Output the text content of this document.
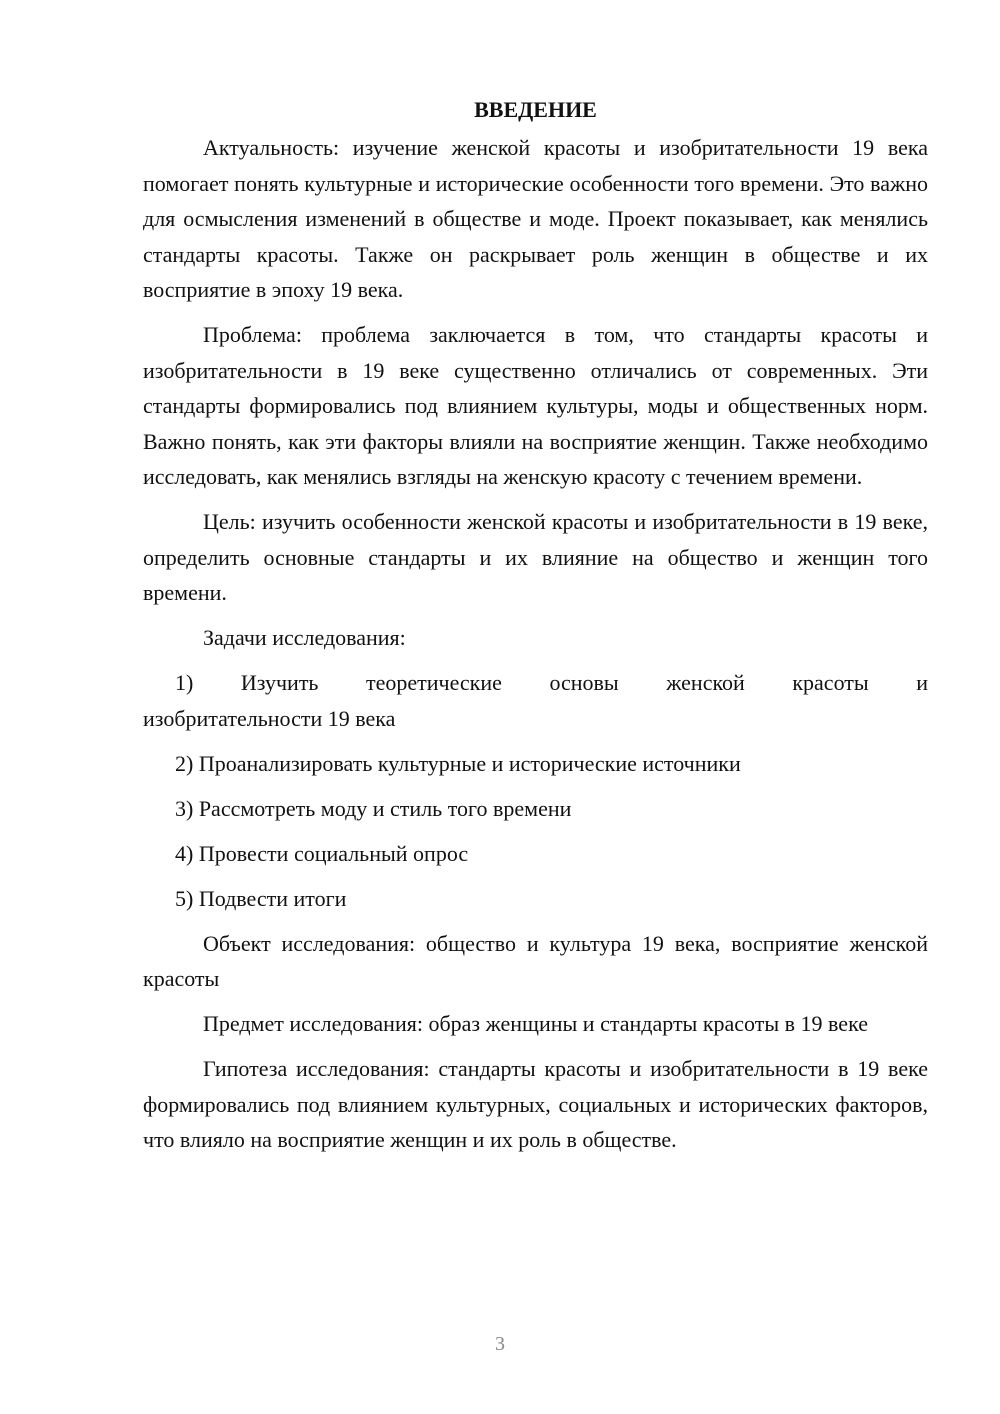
ВВЕДЕНИЕ

Актуальность: изучение женской красоты и изобритательности 19 века помогает понять культурные и исторические особенности того времени. Это важно для осмысления изменений в обществе и моде. Проект показывает, как менялись стандарты красоты. Также он раскрывает роль женщин в обществе и их восприятие в эпоху 19 века.

Проблема: проблема заключается в том, что стандарты красоты и изобритательности в 19 веке существенно отличались от современных. Эти стандарты формировались под влиянием культуры, моды и общественных норм. Важно понять, как эти факторы влияли на восприятие женщин. Также необходимо исследовать, как менялись взгляды на женскую красоту с течением времени.

Цель: изучить особенности женской красоты и изобритательности в 19 веке, определить основные стандарты и их влияние на общество и женщин того времени.

Задачи исследования:

1) Изучить теоретические основы женской красоты и

изобритательности 19 века

2) Проанализировать культурные и исторические источники

3) Рассмотреть моду и стиль того времени

4) Провести социальный опрос

5) Подвести итоги

Объект исследования: общество и культура 19 века, восприятие женской красоты

Предмет исследования: образ женщины и стандарты красоты в 19 веке

Гипотеза исследования: стандарты красоты и изобритательности в 19 веке формировались под влиянием культурных, социальных и исторических факторов, что влияло на восприятие женщин и их роль в обществе.

3
